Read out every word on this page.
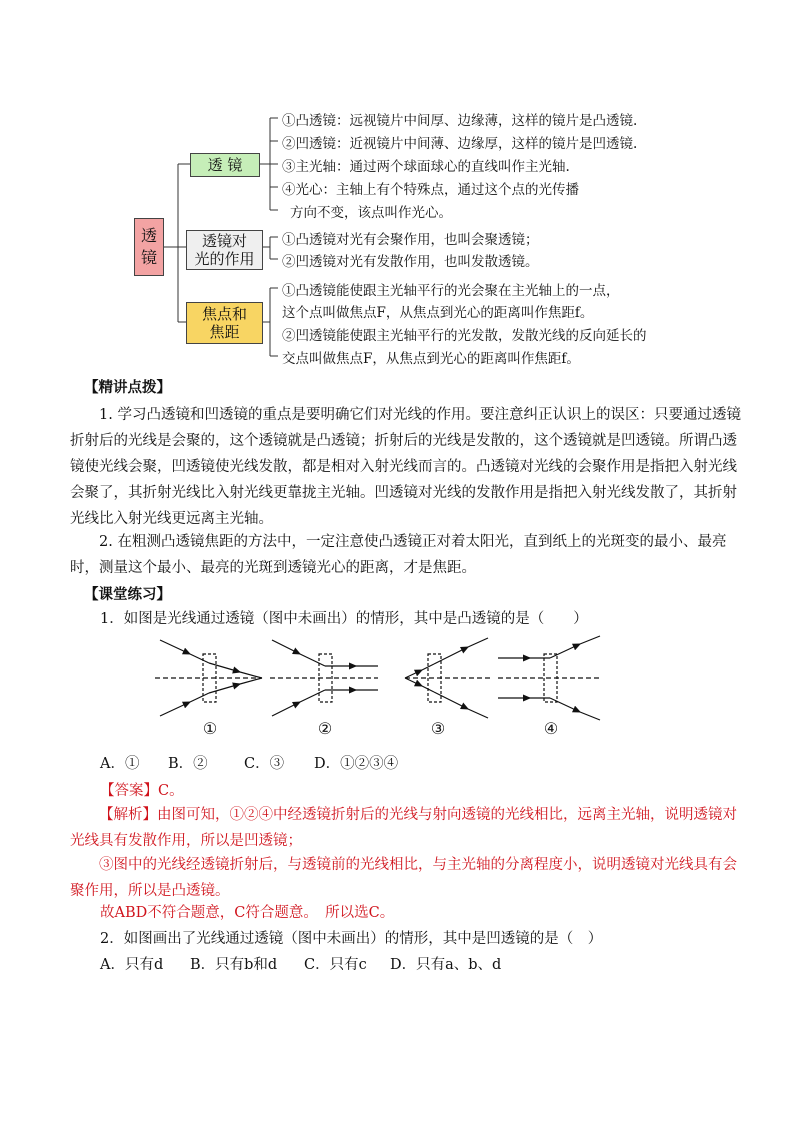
透
镜
透 镜
透镜对
光的作用
焦点和
焦距
①凸透镜：远视镜片中间厚、边缘薄，这样的镜片是凸透镜.
②凹透镜：近视镜片中间薄、边缘厚，这样的镜片是凹透镜.
③主光轴：通过两个球面球心的直线叫作主光轴.
④光心：主轴上有个特殊点，通过这个点的光传播
方向不变，该点叫作光心。
①凸透镜对光有会聚作用，也叫会聚透镜；
②凹透镜对光有发散作用，也叫发散透镜。
①凸透镜能使跟主光轴平行的光会聚在主光轴上的一点，
这个点叫做焦点F，从焦点到光心的距离叫作焦距f。
②凹透镜能使跟主光轴平行的光发散，发散光线的反向延长的
交点叫做焦点F，从焦点到光心的距离叫作焦距f。
【精讲点拨】
1. 学习凸透镜和凹透镜的重点是要明确它们对光线的作用。要注意纠正认识上的误区：只要通过透镜折射后的光线是会聚的，这个透镜就是凸透镜；折射后的光线是发散的，这个透镜就是凹透镜。所谓凸透镜使光线会聚，凹透镜使光线发散，都是相对入射光线而言的。凸透镜对光线的会聚作用是指把入射光线会聚了，其折射光线比入射光线更靠拢主光轴。凹透镜对光线的发散作用是指把入射光线发散了，其折射光线比入射光线更远离主光轴。
2. 在粗测凸透镜焦距的方法中，一定注意使凸透镜正对着太阳光，直到纸上的光斑变的最小、最亮时，测量这个最小、最亮的光斑到透镜光心的距离，才是焦距。
【课堂练习】
1．如图是光线通过透镜（图中未画出）的情形，其中是凸透镜的是（　　）
①	②	③	④
A．① B．②	C．③ D．①②③④
【答案】C。
【解析】由图可知，①②④中经透镜折射后的光线与射向透镜的光线相比，远离主光轴，说明透镜对光线具有发散作用，所以是凹透镜；
③图中的光线经透镜折射后，与透镜前的光线相比，与主光轴的分离程度小，说明透镜对光线具有会聚作用，所以是凸透镜。
故ABD不符合题意，C符合题意。　所以选C。
2．如图画出了光线通过透镜（图中未画出）的情形，其中是凹透镜的是（　）
A．只有d B．只有b和d C．只有c D．只有a、b、d
